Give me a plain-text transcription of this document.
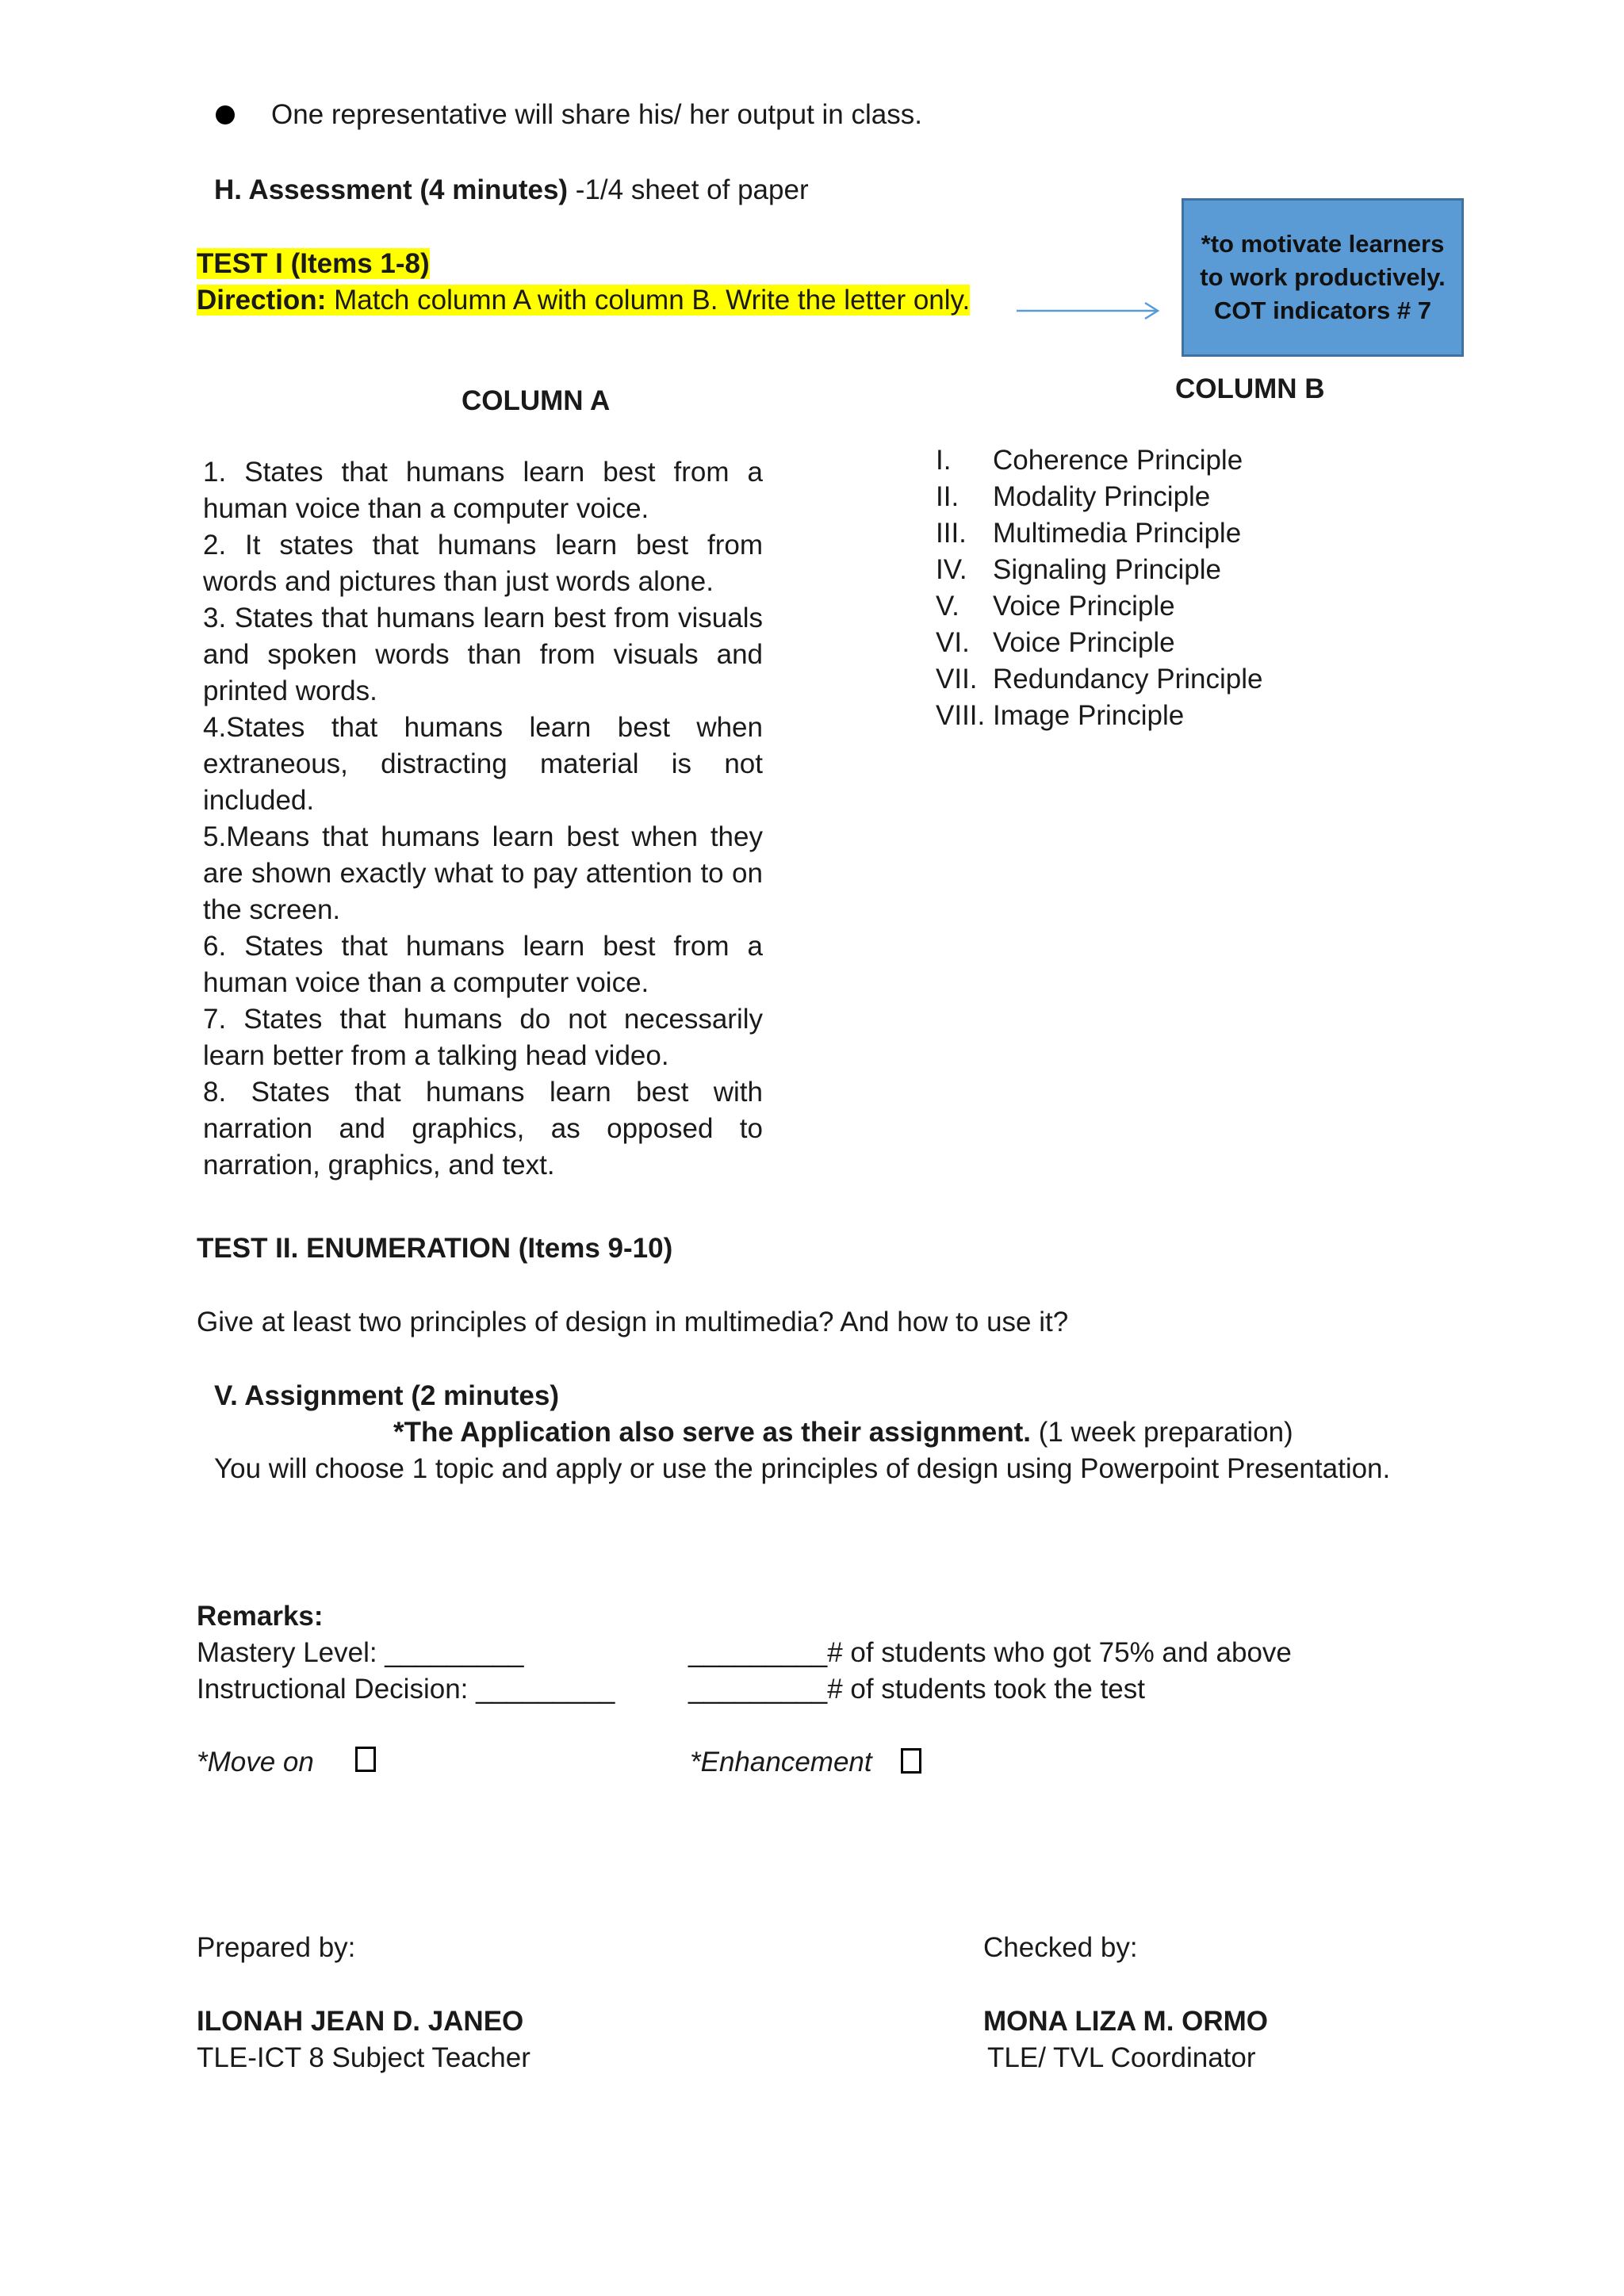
One representative will share his/ her output in class.
H. Assessment (4 minutes) -1/4 sheet of paper
TEST I (Items 1-8)
Direction: Match column A with column B. Write the letter only.
*to motivate learners to work productively. COT indicators # 7
COLUMN A	COLUMN B

1. States that humans learn best from a human voice than a computer voice.

2. It states that humans learn best from words and pictures than just words alone.

3. States that humans learn best from visuals and spoken words than from visuals and printed words.

4.States that humans learn best when extraneous, distracting material is not included.

5.Means that humans learn best when they are shown exactly what to pay attention to on the screen.

6. States that humans learn best from a human voice than a computer voice.

7. States that humans do not necessarily learn better from a talking head video.

8. States that humans learn best with narration and graphics, as opposed to narration, graphics, and text.

I. Coherence Principle
II. Modality Principle
III. Multimedia Principle
IV. Signaling Principle
V. Voice Principle
VI. Voice Principle
VII. Redundancy Principle
VIII. Image Principle
TEST II. ENUMERATION (Items 9-10)
Give at least two principles of design in multimedia? And how to use it?
V. Assignment (2 minutes)
*The Application also serve as their assignment. (1 week preparation)
You will choose 1 topic and apply or use the principles of design using Powerpoint Presentation.
Remarks:
Mastery Level: _________
Instructional Decision: _________
_________# of students who got 75% and above
_________# of students took the test
*Move on	*Enhancement
Prepared by:
ILONAH JEAN D. JANEO
TLE-ICT 8 Subject Teacher
Checked by:
MONA LIZA M. ORMO
TLE/ TVL Coordinator
